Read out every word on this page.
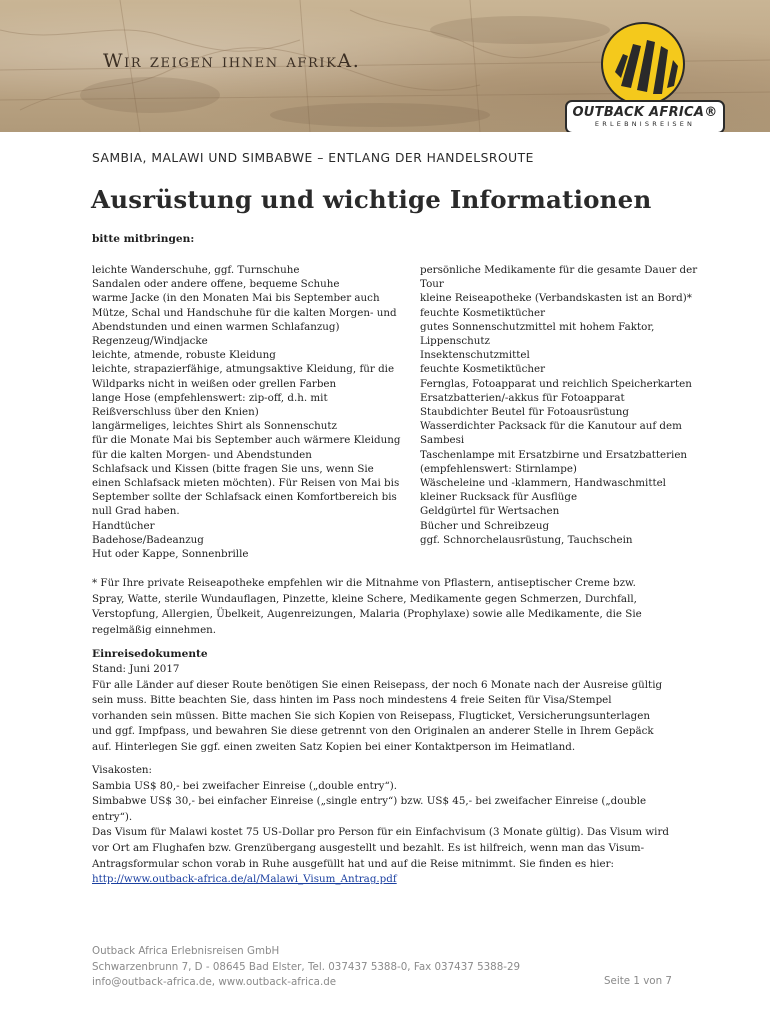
Wir zeigen ihnen afrikA.
OUTBACK AFRICA®
ERLEBNISREISEN
SAMBIA, MALAWI UND SIMBABWE – ENTLANG DER HANDELSROUTE
Ausrüstung und wichtige Informationen
bitte mitbringen:
leichte Wanderschuhe, ggf. Turnschuhe
Sandalen oder andere offene, bequeme Schuhe
warme Jacke (in den Monaten Mai bis September auch
Mütze, Schal und Handschuhe für die kalten Morgen- und
Abendstunden und einen warmen Schlafanzug)
Regenzeug/Windjacke
leichte, atmende, robuste Kleidung
leichte, strapazierfähige, atmungsaktive Kleidung, für die
Wildparks nicht in weißen oder grellen Farben
lange Hose (empfehlenswert: zip-off, d.h. mit
Reißverschluss über den Knien)
langärmeliges, leichtes Shirt als Sonnenschutz
für die Monate Mai bis September auch wärmere Kleidung
für die kalten Morgen- und Abendstunden
Schlafsack und Kissen (bitte fragen Sie uns, wenn Sie
einen Schlafsack mieten möchten). Für Reisen von Mai bis
September sollte der Schlafsack einen Komfortbereich bis
null Grad haben.
Handtücher
Badehose/Badeanzug
Hut oder Kappe, Sonnenbrille
persönliche Medikamente für die gesamte Dauer der
Tour
kleine Reiseapotheke (Verbandskasten ist an Bord)*
feuchte Kosmetiktücher
gutes Sonnenschutzmittel mit hohem Faktor,
Lippenschutz
Insektenschutzmittel
feuchte Kosmetiktücher
Fernglas, Fotoapparat und reichlich Speicherkarten
Ersatzbatterien/-akkus für Fotoapparat
Staubdichter Beutel für Fotoausrüstung
Wasserdichter Packsack für die Kanutour auf dem
Sambesi
Taschenlampe mit Ersatzbirne und Ersatzbatterien
(empfehlenswert: Stirnlampe)
Wäscheleine und -klammern, Handwaschmittel
kleiner Rucksack für Ausflüge
Geldgürtel für Wertsachen
Bücher und Schreibzeug
ggf. Schnorchelausrüstung, Tauchschein
* Für Ihre private Reiseapotheke empfehlen wir die Mitnahme von Pflastern, antiseptischer Creme bzw.
Spray, Watte, sterile Wundauflagen, Pinzette, kleine Schere, Medikamente gegen Schmerzen, Durchfall,
Verstopfung, Allergien, Übelkeit, Augenreizungen, Malaria (Prophylaxe) sowie alle Medikamente, die Sie
regelmäßig einnehmen.
Einreisedokumente
Stand: Juni 2017
Für alle Länder auf dieser Route benötigen Sie einen Reisepass, der noch 6 Monate nach der Ausreise gültig
sein muss. Bitte beachten Sie, dass hinten im Pass noch mindestens 4 freie Seiten für Visa/Stempel
vorhanden sein müssen. Bitte machen Sie sich Kopien von Reisepass, Flugticket, Versicherungsunterlagen
und ggf. Impfpass, und bewahren Sie diese getrennt von den Originalen an anderer Stelle in Ihrem Gepäck
auf. Hinterlegen Sie ggf. einen zweiten Satz Kopien bei einer Kontaktperson im Heimatland.
Visakosten:
Sambia US$ 80,- bei zweifacher Einreise („double entry“).
Simbabwe US$ 30,- bei einfacher Einreise („single entry“) bzw. US$ 45,- bei zweifacher Einreise („double
entry“).
Das Visum für Malawi kostet 75 US-Dollar pro Person für ein Einfachvisum (3 Monate gültig). Das Visum wird
vor Ort am Flughafen bzw. Grenzübergang ausgestellt und bezahlt. Es ist hilfreich, wenn man das Visum-
Antragsformular schon vorab in Ruhe ausgefüllt hat und auf die Reise mitnimmt. Sie finden es hier:
http://www.outback-africa.de/al/Malawi_Visum_Antrag.pdf
Outback Africa Erlebnisreisen GmbH
Schwarzenbrunn 7, D - 08645 Bad Elster, Tel. 037437 5388-0, Fax 037437 5388-29
info@outback-africa.de, www.outback-africa.de	Seite 1 von 7
